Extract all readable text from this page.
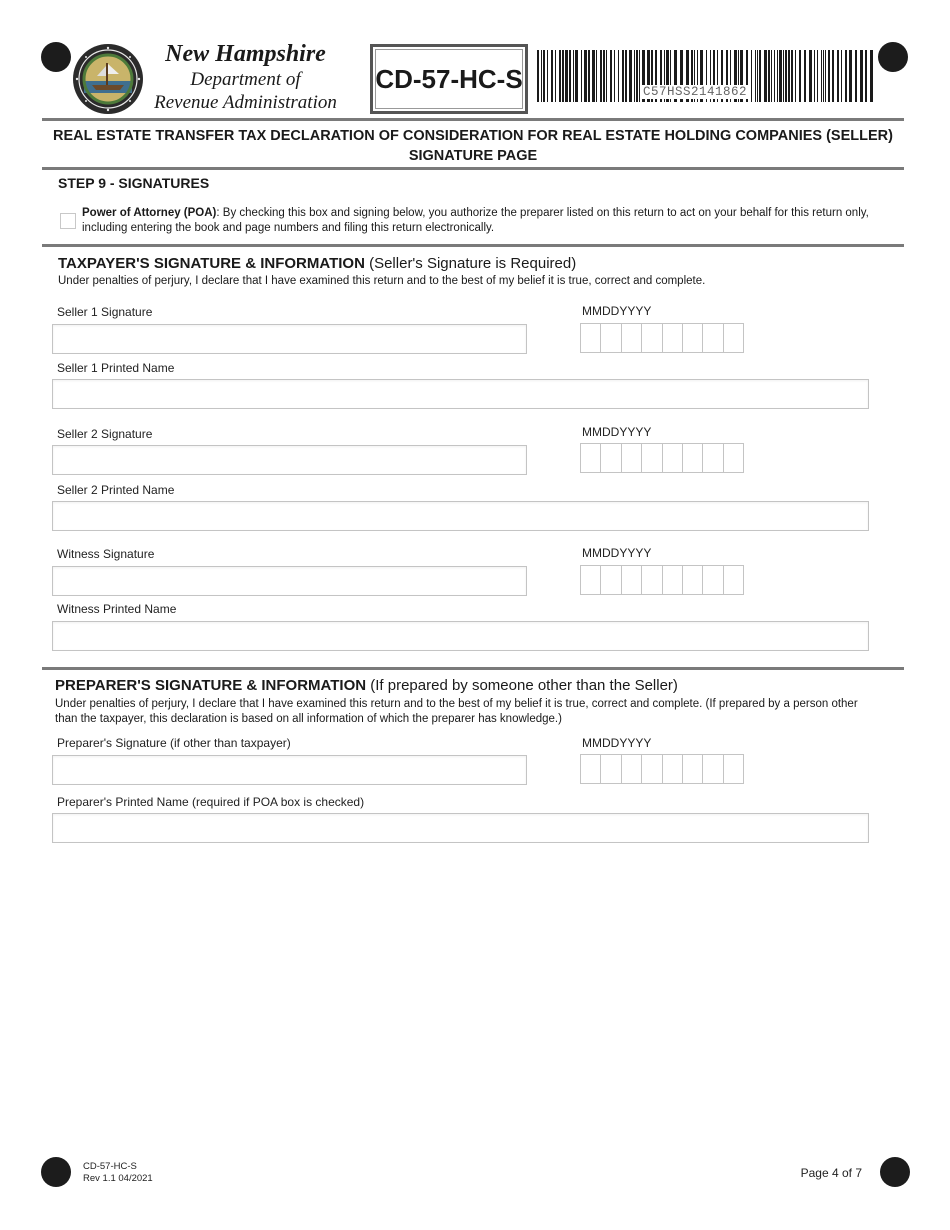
New Hampshire
Department of
Revenue Administration
CD-57-HC-S	C57HSS2141862
REAL ESTATE TRANSFER TAX DECLARATION OF CONSIDERATION FOR REAL ESTATE HOLDING COMPANIES (SELLER)
SIGNATURE PAGE
STEP 9 - SIGNATURES
Power of Attorney (POA): By checking this box and signing below, you authorize the preparer listed on this return to act on your behalf for this return only, including entering the book and page numbers and filing this return electronically.
TAXPAYER'S SIGNATURE & INFORMATION (Seller's Signature is Required)
Under penalties of perjury, I declare that I have examined this return and to the best of my belief it is true, correct and complete.
Seller 1 Signature	MMDDYYYY
Seller 1 Printed Name
Seller 2 Signature	MMDDYYYY
Seller 2 Printed Name
Witness Signature	MMDDYYYY
Witness Printed Name
PREPARER'S SIGNATURE & INFORMATION (If prepared by someone other than the Seller)
Under penalties of perjury, I declare that I have examined this return and to the best of my belief it is true, correct and complete. (If prepared by a person other than the taxpayer, this declaration is based on all information of which the preparer has knowledge.)
Preparer's Signature (if other than taxpayer)	MMDDYYYY
Preparer's Printed Name (required if POA box is checked)
CD-57-HC-S
Rev 1.1 04/2021	Page 4 of 7
